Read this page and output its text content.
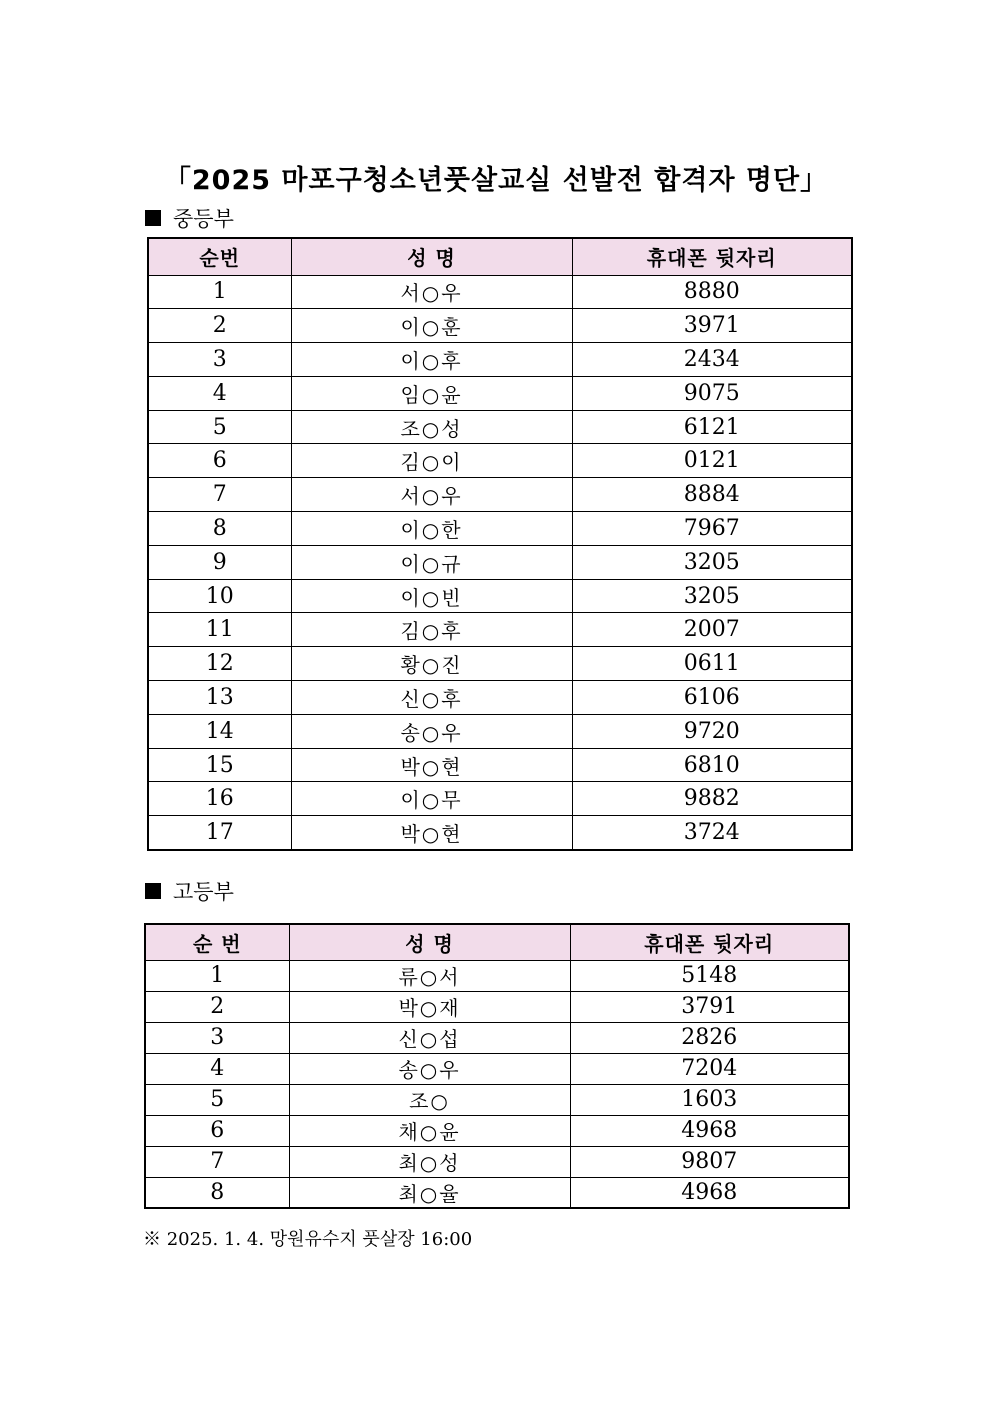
「2025 마포구청소년풋살교실 선발전 합격자 명단」
중등부
순번	성 명	휴대폰 뒷자리
1	서○우	8880
2	이○훈	3971
3	이○후	2434
4	임○윤	9075
5	조○성	6121
6	김○이	0121
7	서○우	8884
8	이○한	7967
9	이○규	3205
10	이○빈	3205
11	김○후	2007
12	황○진	0611
13	신○후	6106
14	송○우	9720
15	박○현	6810
16	이○무	9882
17	박○현	3724
고등부
순 번	성 명	휴대폰 뒷자리
1	류○서	5148
2	박○재	3791
3	신○섭	2826
4	송○우	7204
5	조○	1603
6	채○윤	4968
7	최○성	9807
8	최○율	4968
※ 2025. 1. 4. 망원유수지 풋살장 16:00
